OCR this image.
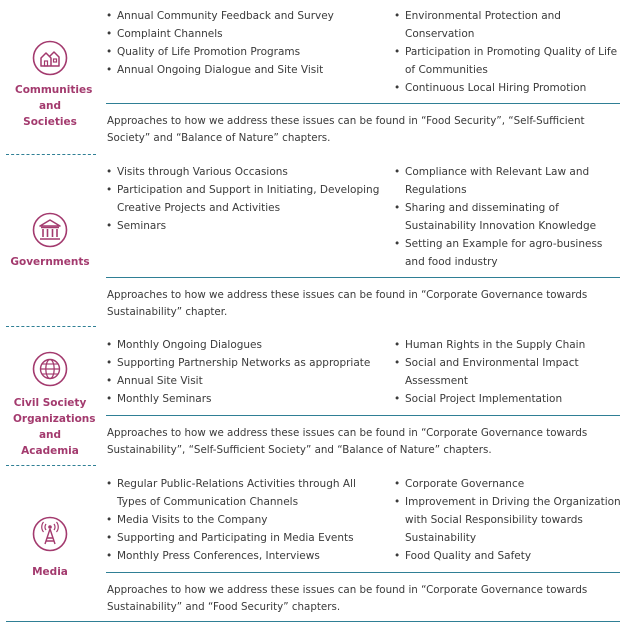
Communities and Societies
• Annual Community Feedback and Survey
• Complaint Channels
• Quality of Life Promotion Programs
• Annual Ongoing Dialogue and Site Visit
• Environmental Protection and Conservation
• Participation in Promoting Quality of Life of Communities
• Continuous Local Hiring Promotion
Approaches to how we address these issues can be found in “Food Security”, “Self-Sufficient Society” and “Balance of Nature” chapters.
Governments
• Visits through Various Occasions
• Participation and Support in Initiating, Developing Creative Projects and Activities
• Seminars
• Compliance with Relevant Law and Regulations
• Sharing and disseminating of Sustainability Innovation Knowledge
• Setting an Example for agro-business and food industry
Approaches to how we address these issues can be found in “Corporate Governance towards Sustainability” chapter.
Civil Society Organizations and Academia
• Monthly Ongoing Dialogues
• Supporting Partnership Networks as appropriate
• Annual Site Visit
• Monthly Seminars
• Human Rights in the Supply Chain
• Social and Environmental Impact Assessment
• Social Project Implementation
Approaches to how we address these issues can be found in “Corporate Governance towards Sustainability”, “Self-Sufficient Society” and “Balance of Nature” chapters.
Media
• Regular Public-Relations Activities through All Types of Communication Channels
• Media Visits to the Company
• Supporting and Participating in Media Events
• Monthly Press Conferences, Interviews
• Corporate Governance
• Improvement in Driving the Organization with Social Responsibility towards Sustainability
• Food Quality and Safety
Approaches to how we address these issues can be found in “Corporate Governance towards Sustainability” and “Food Security” chapters.
